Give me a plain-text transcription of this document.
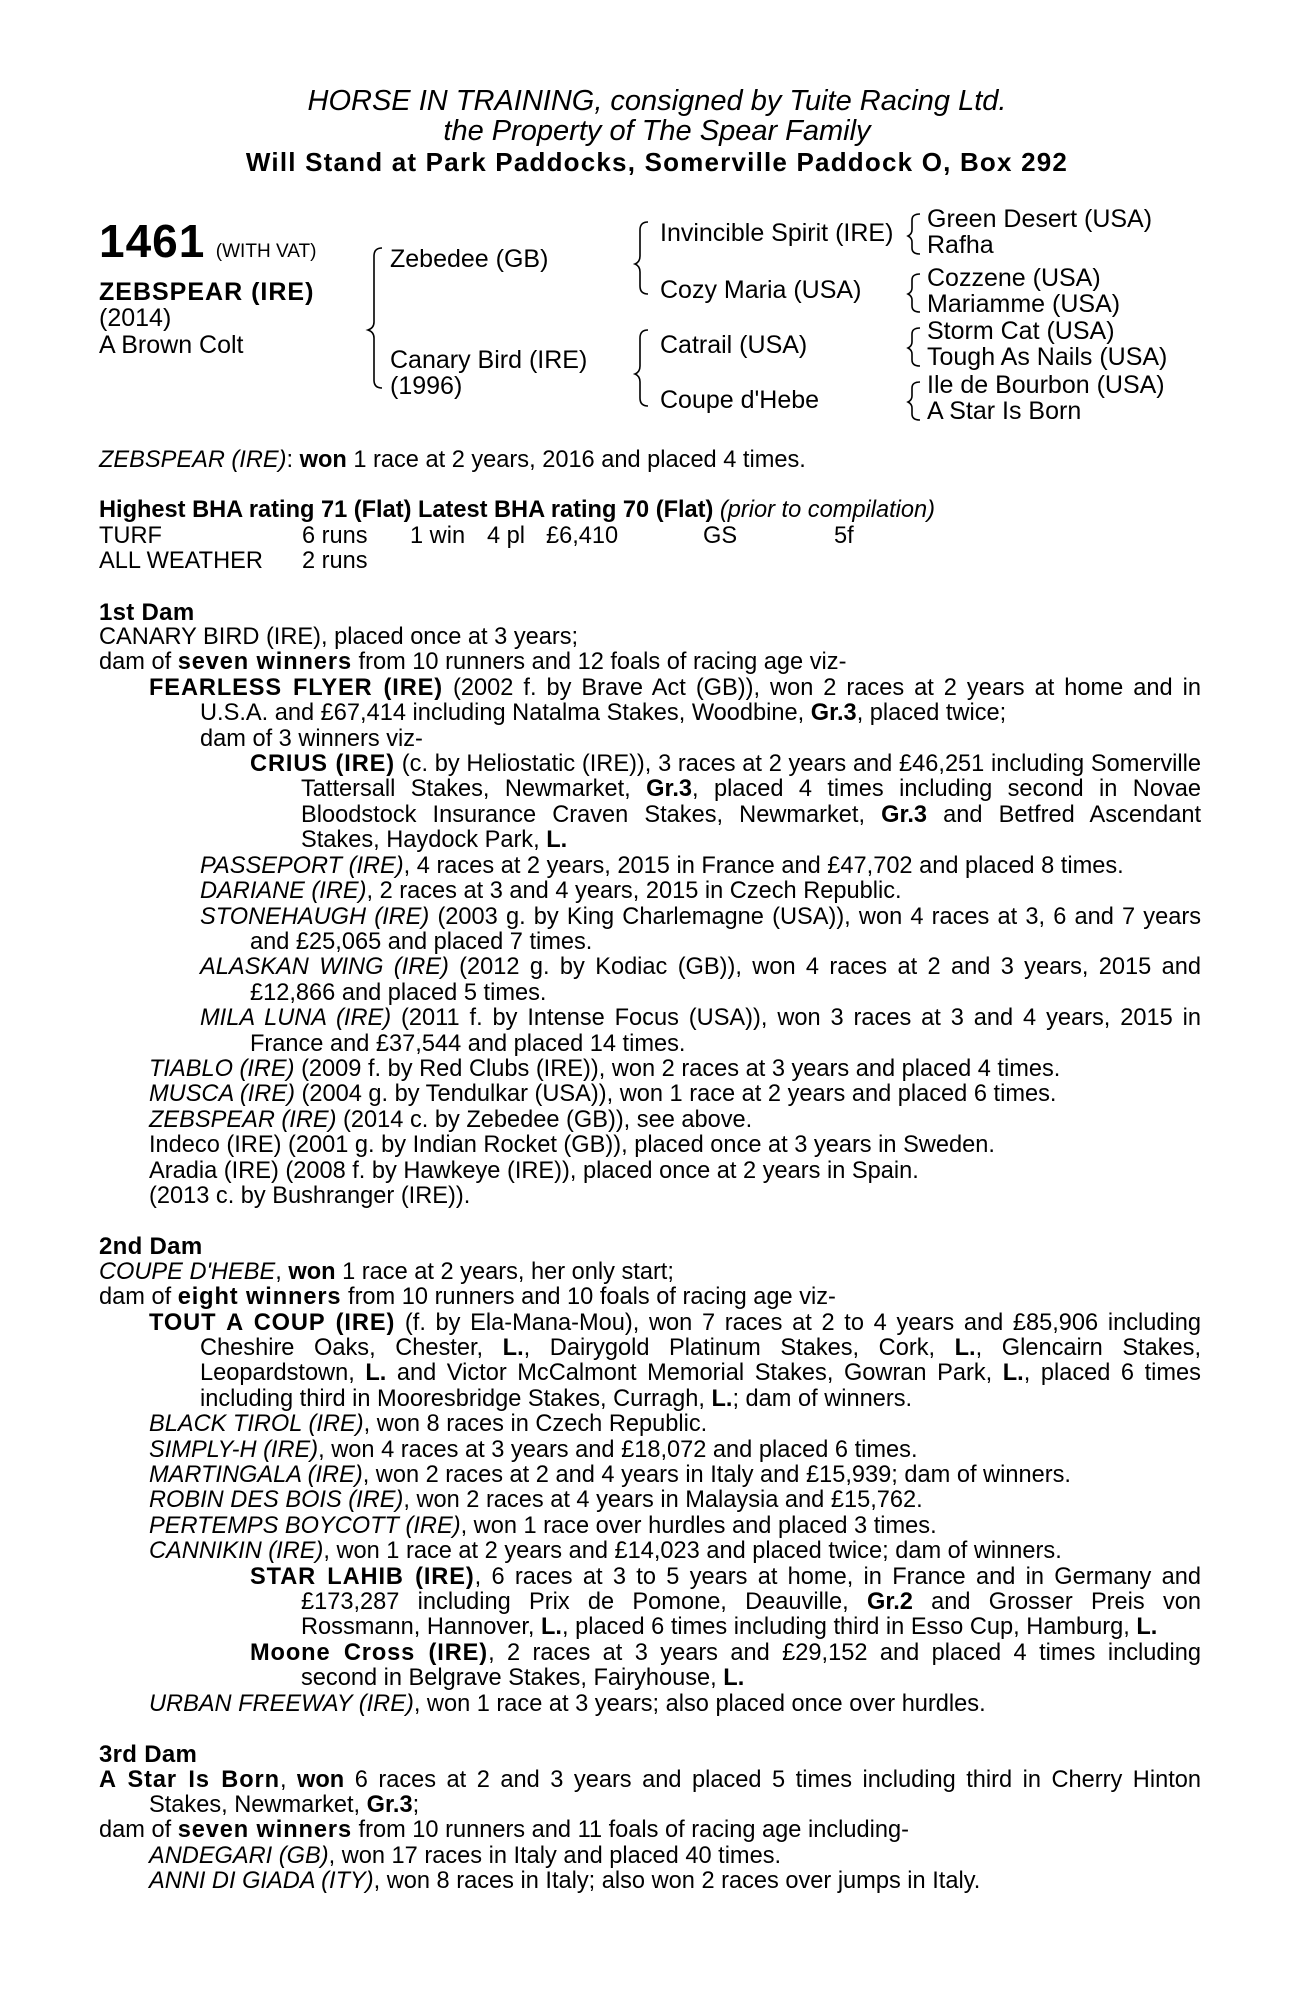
HORSE IN TRAINING, consigned by Tuite Racing Ltd.
the Property of The Spear Family
Will Stand at Park Paddocks, Somerville Paddock O, Box 292
1461 (WITH VAT)
ZEBSPEAR (IRE)
(2014)
A Brown Colt
Zebedee (GB)
Canary Bird (IRE)
(1996)
Invincible Spirit (IRE)
Cozy Maria (USA)
Catrail (USA)
Coupe d'Hebe
Green Desert (USA)
Rafha
Cozzene (USA)
Mariamme (USA)
Storm Cat (USA)
Tough As Nails (USA)
Ile de Bourbon (USA)
A Star Is Born
ZEBSPEAR (IRE): won 1 race at 2 years, 2016 and placed 4 times.
Highest BHA rating 71 (Flat) Latest BHA rating 70 (Flat) (prior to compilation)
TURF	6 runs	1 win 4 pl £6,410	GS	5f
ALL WEATHER	2 runs
1st Dam
CANARY BIRD (IRE), placed once at 3 years;
dam of seven winners from 10 runners and 12 foals of racing age viz-
FEARLESS FLYER (IRE) (2002 f. by Brave Act (GB)), won 2 races at 2 years at home and in U.S.A. and £67,414 including Natalma Stakes, Woodbine, Gr.3, placed twice;
dam of 3 winners viz-
CRIUS (IRE) (c. by Heliostatic (IRE)), 3 races at 2 years and £46,251 including Somerville Tattersall Stakes, Newmarket, Gr.3, placed 4 times including second in Novae Bloodstock Insurance Craven Stakes, Newmarket, Gr.3 and Betfred Ascendant Stakes, Haydock Park, L.
PASSEPORT (IRE), 4 races at 2 years, 2015 in France and £47,702 and placed 8 times.
DARIANE (IRE), 2 races at 3 and 4 years, 2015 in Czech Republic.
STONEHAUGH (IRE) (2003 g. by King Charlemagne (USA)), won 4 races at 3, 6 and 7 years and £25,065 and placed 7 times.
ALASKAN WING (IRE) (2012 g. by Kodiac (GB)), won 4 races at 2 and 3 years, 2015 and £12,866 and placed 5 times.
MILA LUNA (IRE) (2011 f. by Intense Focus (USA)), won 3 races at 3 and 4 years, 2015 in France and £37,544 and placed 14 times.
TIABLO (IRE) (2009 f. by Red Clubs (IRE)), won 2 races at 3 years and placed 4 times.
MUSCA (IRE) (2004 g. by Tendulkar (USA)), won 1 race at 2 years and placed 6 times.
ZEBSPEAR (IRE) (2014 c. by Zebedee (GB)), see above.
Indeco (IRE) (2001 g. by Indian Rocket (GB)), placed once at 3 years in Sweden.
Aradia (IRE) (2008 f. by Hawkeye (IRE)), placed once at 2 years in Spain.
(2013 c. by Bushranger (IRE)).
2nd Dam
COUPE D'HEBE, won 1 race at 2 years, her only start;
dam of eight winners from 10 runners and 10 foals of racing age viz-
TOUT A COUP (IRE) (f. by Ela-Mana-Mou), won 7 races at 2 to 4 years and £85,906 including Cheshire Oaks, Chester, L., Dairygold Platinum Stakes, Cork, L., Glencairn Stakes, Leopardstown, L. and Victor McCalmont Memorial Stakes, Gowran Park, L., placed 6 times including third in Mooresbridge Stakes, Curragh, L.; dam of winners.
BLACK TIROL (IRE), won 8 races in Czech Republic.
SIMPLY-H (IRE), won 4 races at 3 years and £18,072 and placed 6 times.
MARTINGALA (IRE), won 2 races at 2 and 4 years in Italy and £15,939; dam of winners.
ROBIN DES BOIS (IRE), won 2 races at 4 years in Malaysia and £15,762.
PERTEMPS BOYCOTT (IRE), won 1 race over hurdles and placed 3 times.
CANNIKIN (IRE), won 1 race at 2 years and £14,023 and placed twice; dam of winners.
STAR LAHIB (IRE), 6 races at 3 to 5 years at home, in France and in Germany and £173,287 including Prix de Pomone, Deauville, Gr.2 and Grosser Preis von Rossmann, Hannover, L., placed 6 times including third in Esso Cup, Hamburg, L.
Moone Cross (IRE), 2 races at 3 years and £29,152 and placed 4 times including second in Belgrave Stakes, Fairyhouse, L.
URBAN FREEWAY (IRE), won 1 race at 3 years; also placed once over hurdles.
3rd Dam
A Star Is Born, won 6 races at 2 and 3 years and placed 5 times including third in Cherry Hinton Stakes, Newmarket, Gr.3;
dam of seven winners from 10 runners and 11 foals of racing age including-
ANDEGARI (GB), won 17 races in Italy and placed 40 times.
ANNI DI GIADA (ITY), won 8 races in Italy; also won 2 races over jumps in Italy.
